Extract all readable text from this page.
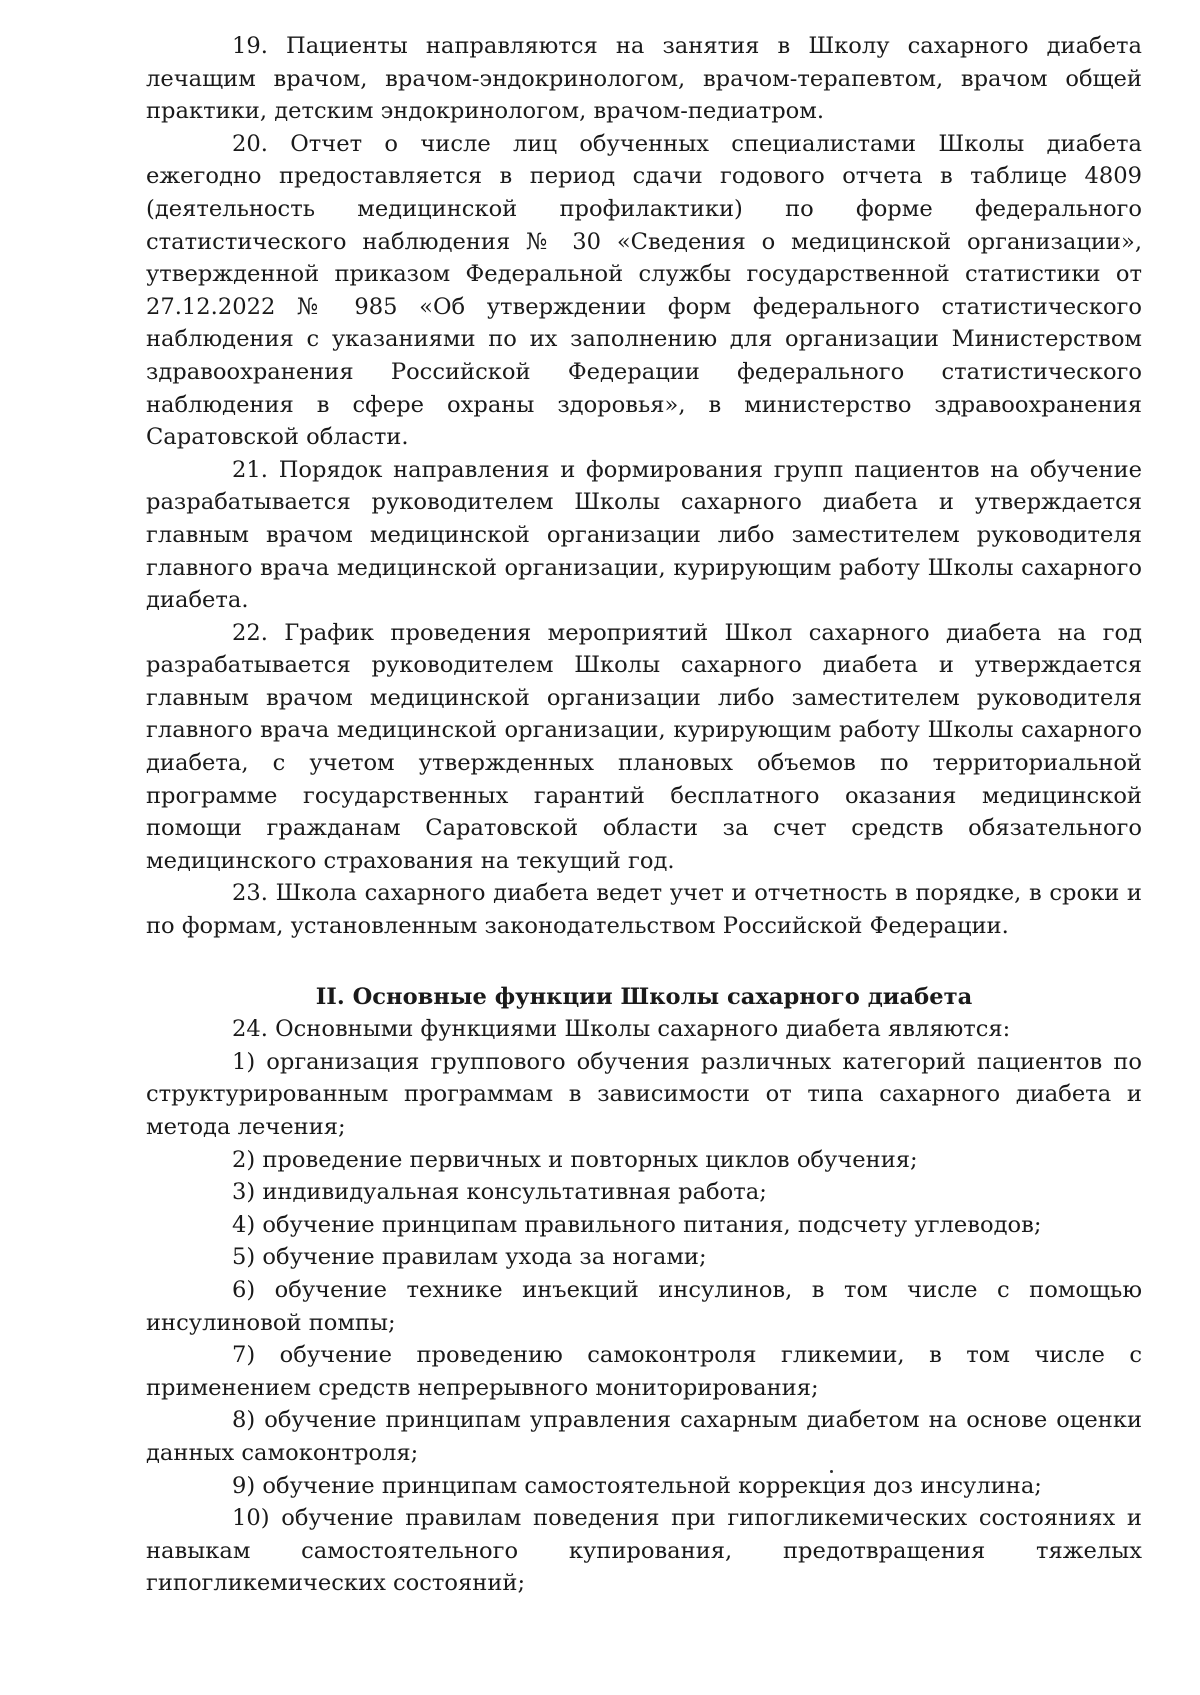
19. Пациенты направляются на занятия в Школу сахарного диабета лечащим врачом, врачом-эндокринологом, врачом-терапевтом, врачом общей практики, детским эндокринологом, врачом-педиатром.

20. Отчет о числе лиц обученных специалистами Школы диабета ежегодно предоставляется в период сдачи годового отчета в таблице 4809 (деятельность медицинской профилактики) по форме федерального статистического наблюдения № 30 «Сведения о медицинской организации», утвержденной приказом Федеральной службы государственной статистики от 27.12.2022 № 985 «Об утверждении форм федерального статистического наблюдения с указаниями по их заполнению для организации Министерством здравоохранения Российской Федерации федерального статистического наблюдения в сфере охраны здоровья», в министерство здравоохранения Саратовской области.

21. Порядок направления и формирования групп пациентов на обучение разрабатывается руководителем Школы сахарного диабета и утверждается главным врачом медицинской организации либо заместителем руководителя главного врача медицинской организации, курирующим работу Школы сахарного диабета.

22. График проведения мероприятий Школ сахарного диабета на год разрабатывается руководителем Школы сахарного диабета и утверждается главным врачом медицинской организации либо заместителем руководителя главного врача медицинской организации, курирующим работу Школы сахарного диабета, с учетом утвержденных плановых объемов по территориальной программе государственных гарантий бесплатного оказания медицинской помощи гражданам Саратовской области за счет средств обязательного медицинского страхования на текущий год.

23. Школа сахарного диабета ведет учет и отчетность в порядке, в сроки и по формам, установленным законодательством Российской Федерации.

II. Основные функции Школы сахарного диабета

24. Основными функциями Школы сахарного диабета являются:

1) организация группового обучения различных категорий пациентов по структурированным программам в зависимости от типа сахарного диабета и метода лечения;

2) проведение первичных и повторных циклов обучения;

3) индивидуальная консультативная работа;

4) обучение принципам правильного питания, подсчету углеводов;

5) обучение правилам ухода за ногами;

6) обучение технике инъекций инсулинов, в том числе с помощью инсулиновой помпы;

7) обучение проведению самоконтроля гликемии, в том числе с применением средств непрерывного мониторирования;

8) обучение принципам управления сахарным диабетом на основе оценки данных самоконтроля;

9) обучение принципам самостоятельной коррекция доз инсулина;

10) обучение правилам поведения при гипогликемических состояниях и навыкам самостоятельного купирования, предотвращения тяжелых гипогликемических состояний;
